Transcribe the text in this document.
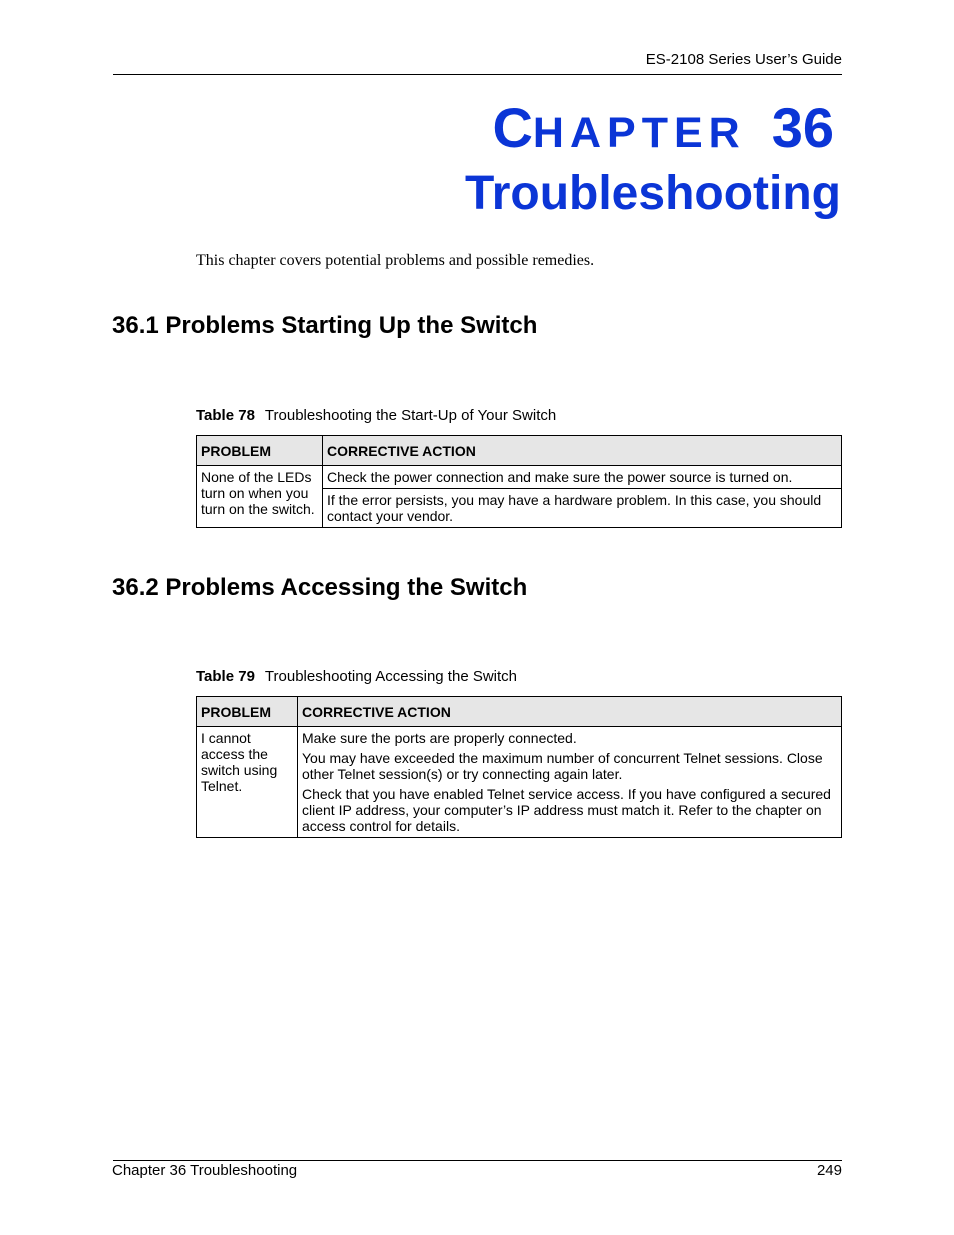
ES-2108 Series User’s Guide
CHAPTER 36
Troubleshooting
This chapter covers potential problems and possible remedies.
36.1 Problems Starting Up the Switch
Table 78 Troubleshooting the Start-Up of Your Switch
PROBLEM	CORRECTIVE ACTION
None of the LEDs turn on when you turn on the switch.	Check the power connection and make sure the power source is turned on.
	If the error persists, you may have a hardware problem. In this case, you should contact your vendor.
36.2 Problems Accessing the Switch
Table 79 Troubleshooting Accessing the Switch
PROBLEM	CORRECTIVE ACTION
I cannot access the switch using Telnet.	Make sure the ports are properly connected.

You may have exceeded the maximum number of concurrent Telnet sessions. Close other Telnet session(s) or try connecting again later.

Check that you have enabled Telnet service access. If you have configured a secured client IP address, your computer’s IP address must match it. Refer to the chapter on access control for details.

Chapter 36 Troubleshooting	249
